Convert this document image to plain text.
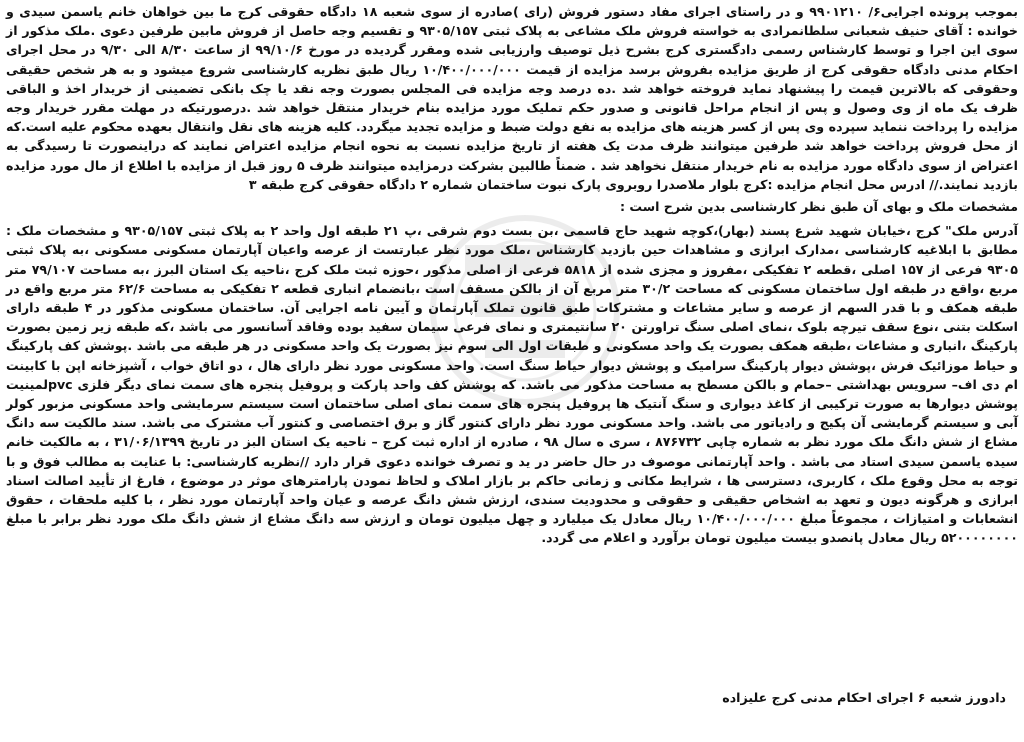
بموجب پرونده اجرایی۶/ ۹۹۰۱۲۱۰ و در راستای اجرای مفاد دستور فروش (رای )صادره از سوی شعبه ۱۸ دادگاه حقوقی کرج ما بین خواهان خانم یاسمن سیدی و خوانده : آقای حنیف شعبانی سلطانمرادی به خواسته فروش ملک مشاعی به پلاک ثبتی ۹۳۰۵/۱۵۷ و تقسیم وجه حاصل از فروش مابین طرفین دعوی .ملک مذکور از سوی این اجرا و توسط کارشناس رسمی دادگستری کرج بشرح ذیل توصیف وارزیابی شده ومقرر گردیده در مورخ ۹۹/۱۰/۶ از ساعت ۸/۳۰ الی ۹/۳۰ در محل اجرای احکام مدنی دادگاه حقوقی کرج از طریق مزایده بفروش برسد مزایده از قیمت ۱۰/۴۰۰/۰۰۰/۰۰۰ ریال طبق نظریه کارشناسی شروع میشود و به هر شخص حقیقی وحقوقی که بالاترین قیمت را پیشنهاد نماید فروخته خواهد شد .ده درصد وجه مزایده فی المجلس بصورت وجه نقد یا چک بانکی تضمینی از خریدار اخذ و الباقی ظرف یک ماه از وی وصول و پس از انجام مراحل قانونی و صدور حکم تملیک مورد مزایده بنام خریدار منتقل خواهد شد .درصورتیکه در مهلت مقرر خریدار وجه مزایده را پرداخت ننماید سپرده وی پس از کسر هزینه های مزایده به نفع دولت ضبط و مزایده تجدید میگردد. کلیه هزینه های نقل وانتقال بعهده محکوم علیه است.که از محل فروش پرداخت خواهد شد طرفین میتوانند ظرف مدت یک هفته از تاریخ مزایده نسبت به نحوه انجام مزایده اعتراض نمایند که دراینصورت تا رسیدگی به اعتراض از سوی دادگاه مورد مزایده به نام خریدار منتقل نخواهد شد . ضمناً طالبین بشرکت درمزایده میتوانند ظرف ۵ روز قبل از مزایده با اطلاع از مال مورد مزایده بازدید نمایند.// ادرس محل انجام مزایده :کرج بلوار ملاصدرا روبروی پارک نبوت ساختمان شماره ۲ دادگاه حقوقی کرج طبقه ۳

مشخصات ملک و بهای آن طبق نظر کارشناسی بدین شرح است :

آدرس ملک" کرج ،خیابان شهید شرع پسند (بهار)،کوچه شهید حاج قاسمی ،بن بست دوم شرقی ،پ ۲۱ طبقه اول واحد ۲ به پلاک ثبتی ۹۳۰۵/۱۵۷ و مشخصات ملک : مطابق با ابلاغیه کارشناسی ،مدارک ابرازی و مشاهدات حین بازدید کارشناس ،ملک مورد نظر عبارتست از عرصه واعیان آپارتمان مسکونی مسکونی ،به پلاک ثبتی ۹۳۰۵ فرعی از ۱۵۷ اصلی ،قطعه ۲ تفکیکی ،مفروز و مجزی شده از ۵۸۱۸ فرعی از اصلی مذکور ،حوزه ثبت ملک کرج ،ناحیه یک استان البرز ،به مساحت ۷۹/۱۰۷ متر مربع ،واقع در طبقه اول ساختمان مسکونی که مساحت ۳۰/۲ متر مربع آن از بالکن مسقف است ،بانضمام انباری قطعه ۲ تفکیکی به مساحت ۶۲/۶ متر مربع واقع در طبقه همکف و با قدر السهم از عرصه و سایر مشاعات و مشترکات طبق قانون تملک آپارتمان و آیین نامه اجرایی آن. ساختمان مسکونی مذکور در ۴ طبقه دارای اسکلت بتنی ،نوع سقف تیرچه بلوک ،نمای اصلی سنگ تراورتن ۲۰ سانتیمتری و نمای فرعی سیمان سفید بوده وفاقد آسانسور می باشد ،که طبقه زیر زمین بصورت پارکینگ ،انباری و مشاعات ،طبقه همکف بصورت یک واحد مسکونی و طبقات اول الی سوم نیز بصورت یک واحد مسکونی در هر طبقه می باشد .پوشش کف پارکینگ و حیاط موزائیک فرش ،پوشش دیوار پارکینگ سرامیک و پوشش دیوار حیاط سنگ است. واحد مسکونی مورد نظر دارای هال ، دو اتاق خواب ، آشپزخانه اپن با کابینت ام دی اف– سرویس بهداشتی –حمام و بالکن مسطح به مساحت مذکور می باشد. که پوشش کف واحد پارکت و پروفیل پنجره های سمت نمای دیگر فلزی pvcلمینیت پوشش دیوارها به صورت ترکیبی از کاغذ دیواری و سنگ آنتیک ها پروفیل پنجره های سمت نمای اصلی ساختمان است سیستم سرمایشی واحد مسکونی مزبور کولر آبی و سیستم گرمایشی آن پکیج و رادیاتور می باشد. واحد مسکونی مورد نظر دارای کنتور گاز و برق اختصاصی و کنتور آب مشترک می باشد. سند مالکیت سه دانگ مشاع از شش دانگ ملک مورد نظر به شماره چاپی ۸۷۶۷۳۲ ، سری ه سال ۹۸ ، صادره از اداره ثبت کرج – ناحیه یک استان البز در تاریخ ۳۱/۰۶/۱۳۹۹ ، به مالکیت خانم سیده یاسمن سیدی استاد می باشد . واحد آپارتمانی موصوف در حال حاضر در ید و تصرف خوانده دعوی قرار دارد //نظریه کارشناسی: با عنایت به مطالب فوق و با توجه به محل وقوع ملک ، کاربری، دسترسی ها ، شرایط مکانی و زمانی حاکم بر بازار املاک و لحاظ نمودن پارامترهای موثر در موضوع ، فارغ از تأیید اصالت اسناد ابرازی و هرگونه دیون و تعهد به اشخاص حقیقی و حقوقی و محدودیت سندی، ارزش شش دانگ عرصه و عیان واحد آپارتمان مورد نظر ، با کلیه ملحقات ، حقوق انشعابات و امتیازات ، مجموعاً مبلغ ۱۰/۴۰۰/۰۰۰/۰۰۰ ریال معادل یک میلیارد و چهل میلیون تومان و ارزش سه دانگ مشاع از شش دانگ ملک مورد نظر برابر با مبلغ ۵۲۰۰۰۰۰۰۰۰ ریال معادل پانصدو بیست میلیون تومان برآورد و اعلام می گردد.

دادورز شعبه ۶ اجرای احکام مدنی کرج علیزاده
